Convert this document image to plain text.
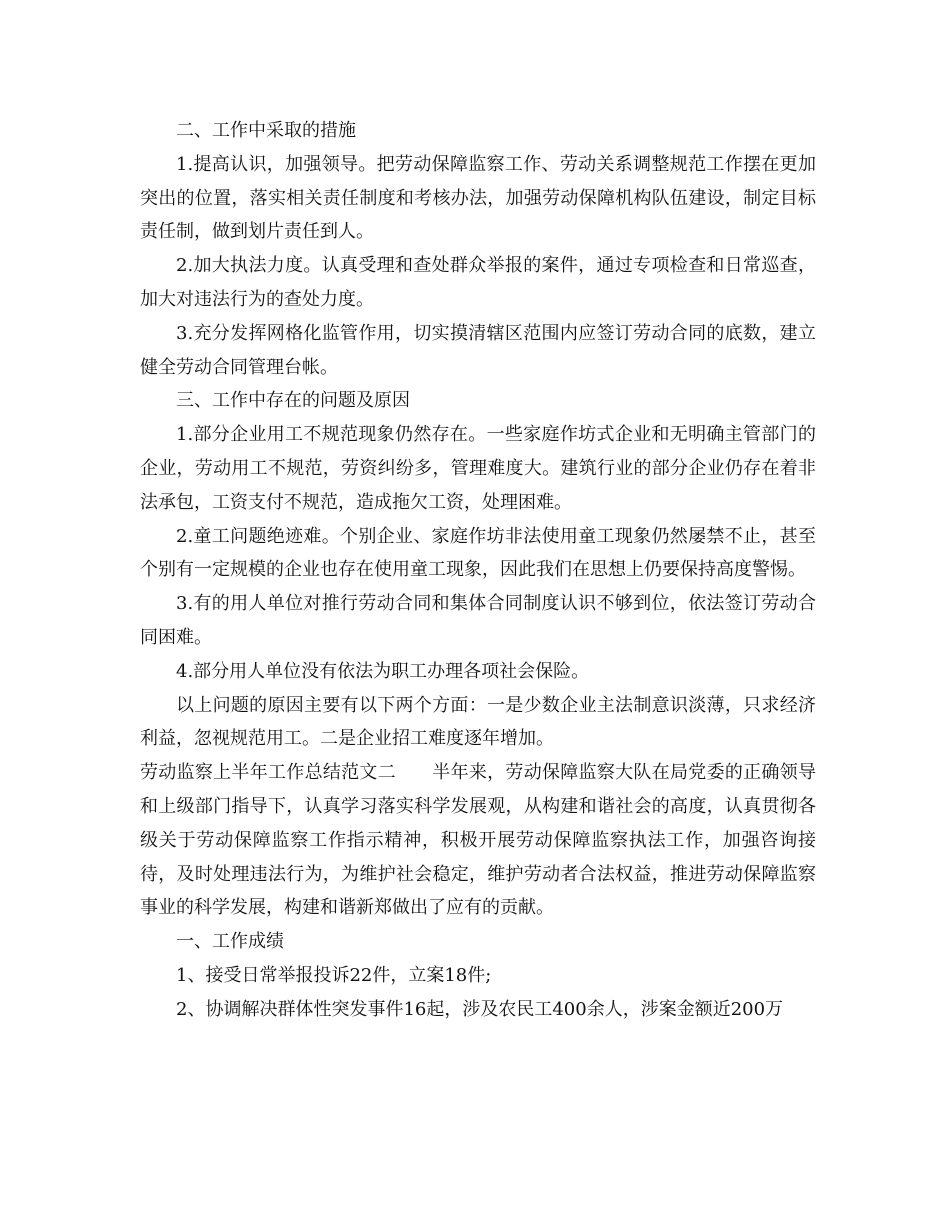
二、工作中采取的措施

1.提高认识，加强领导。把劳动保障监察工作、劳动关系调整规范工作摆在更加突出的位置，落实相关责任制度和考核办法，加强劳动保障机构队伍建设，制定目标责任制，做到划片责任到人。

2.加大执法力度。认真受理和查处群众举报的案件，通过专项检查和日常巡查，加大对违法行为的查处力度。

3.充分发挥网格化监管作用，切实摸清辖区范围内应签订劳动合同的底数，建立健全劳动合同管理台帐。

三、工作中存在的问题及原因

1.部分企业用工不规范现象仍然存在。一些家庭作坊式企业和无明确主管部门的企业，劳动用工不规范，劳资纠纷多，管理难度大。建筑行业的部分企业仍存在着非法承包，工资支付不规范，造成拖欠工资，处理困难。

2.童工问题绝迹难。个别企业、家庭作坊非法使用童工现象仍然屡禁不止，甚至个别有一定规模的企业也存在使用童工现象，因此我们在思想上仍要保持高度警惕。

3.有的用人单位对推行劳动合同和集体合同制度认识不够到位，依法签订劳动合同困难。

4.部分用人单位没有依法为职工办理各项社会保险。

以上问题的原因主要有以下两个方面：一是少数企业主法制意识淡薄，只求经济利益，忽视规范用工。二是企业招工难度逐年增加。

劳动监察上半年工作总结范文二 半年来，劳动保障监察大队在局党委的正确领导和上级部门指导下，认真学习落实科学发展观，从构建和谐社会的高度，认真贯彻各级关于劳动保障监察工作指示精神，积极开展劳动保障监察执法工作，加强咨询接待，及时处理违法行为，为维护社会稳定，维护劳动者合法权益，推进劳动保障监察事业的科学发展，构建和谐新郑做出了应有的贡献。

一、工作成绩

1、接受日常举报投诉22件，立案18件;

2、协调解决群体性突发事件16起，涉及农民工400余人，涉案金额近200万
